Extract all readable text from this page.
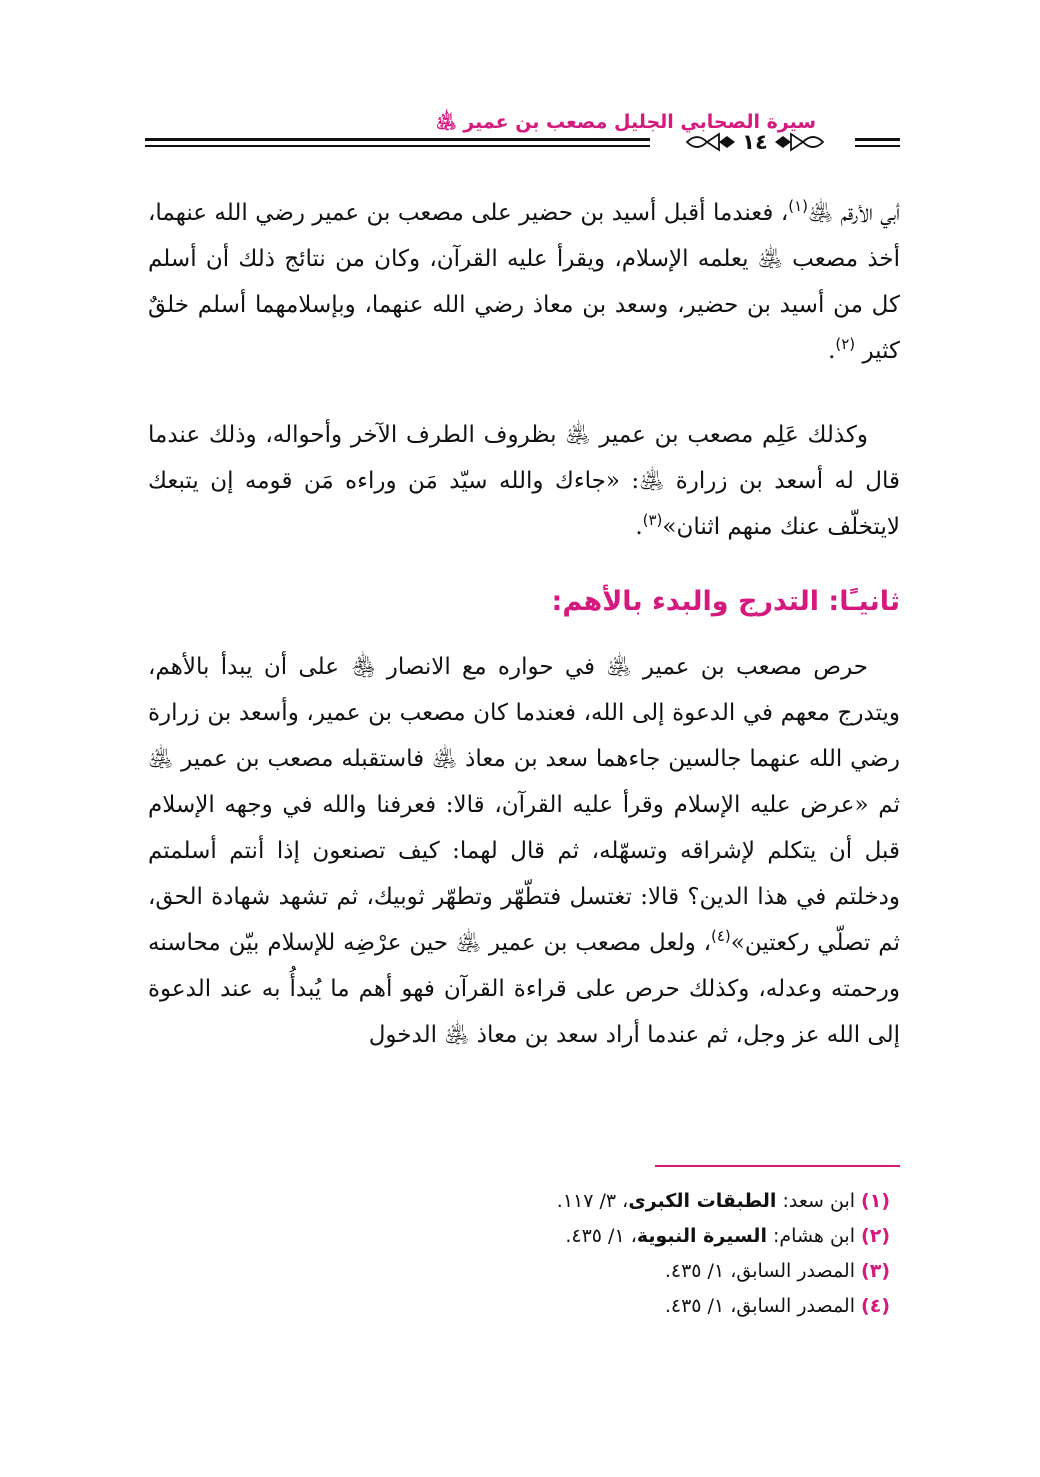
١٤
سيرة الصحابي الجليل مصعب بن عمير ﵁

أبي الأرقم ﵁$^{(١)}$، فعندما أقبل أسيد بن حضير على مصعب بن عمير رضي الله عنهما، أخذ مصعب ﵁ يعلمه الإسلام، ويقرأ عليه القرآن، وكان من نتائج ذلك أن أسلم كل من أسيد بن حضير، وسعد بن معاذ رضي الله عنهما، وبإسلامهما أسلم خلقٌ كثير $^{(٢)}$.

وكذلك عَلِم مصعب بن عمير ﵁ بظروف الطرف الآخر وأحواله، وذلك عندما قال له أسعد بن زرارة ﵁: «جاءك والله سيّد مَن وراءه مَن قومه إن يتبعك لايتخلّف عنك منهم اثنان»$^{(٣)}$.

ثانيـًا: التدرج والبدء بالأهم:

حرص مصعب بن عمير ﵁ في حواره مع الانصار ﵃ على أن يبدأ بالأهم، ويتدرج معهم في الدعوة إلى الله، فعندما كان مصعب بن عمير، وأسعد بن زرارة رضي الله عنهما جالسين جاءهما سعد بن معاذ ﵁ فاستقبله مصعب بن عمير ﵁ ثم «عرض عليه الإسلام وقرأ عليه القرآن، قالا: فعرفنا والله في وجهه الإسلام قبل أن يتكلم لإشراقه وتسهّله، ثم قال لهما: كيف تصنعون إذا أنتم أسلمتم ودخلتم في هذا الدين؟ قالا: تغتسل فتطّهّر وتطهّر ثوبيك، ثم تشهد شهادة الحق، ثم تصلّي ركعتين»$^{(٤)}$، ولعل مصعب بن عمير ﵁ حين عرْضِه للإسلام بيّن محاسنه ورحمته وعدله، وكذلك حرص على قراءة القرآن فهو أهم ما يُبدأُ به عند الدعوة إلى الله عز وجل، ثم عندما أراد سعد بن معاذ ﵁ الدخول

(١)ابن سعد: الطبقات الكبرى، ٣/ ١١٧.
(٢)ابن هشام: السيرة النبوية، ١/ ٤٣٥.
(٣)المصدر السابق، ١/ ٤٣٥.
(٤)المصدر السابق، ١/ ٤٣٥.
